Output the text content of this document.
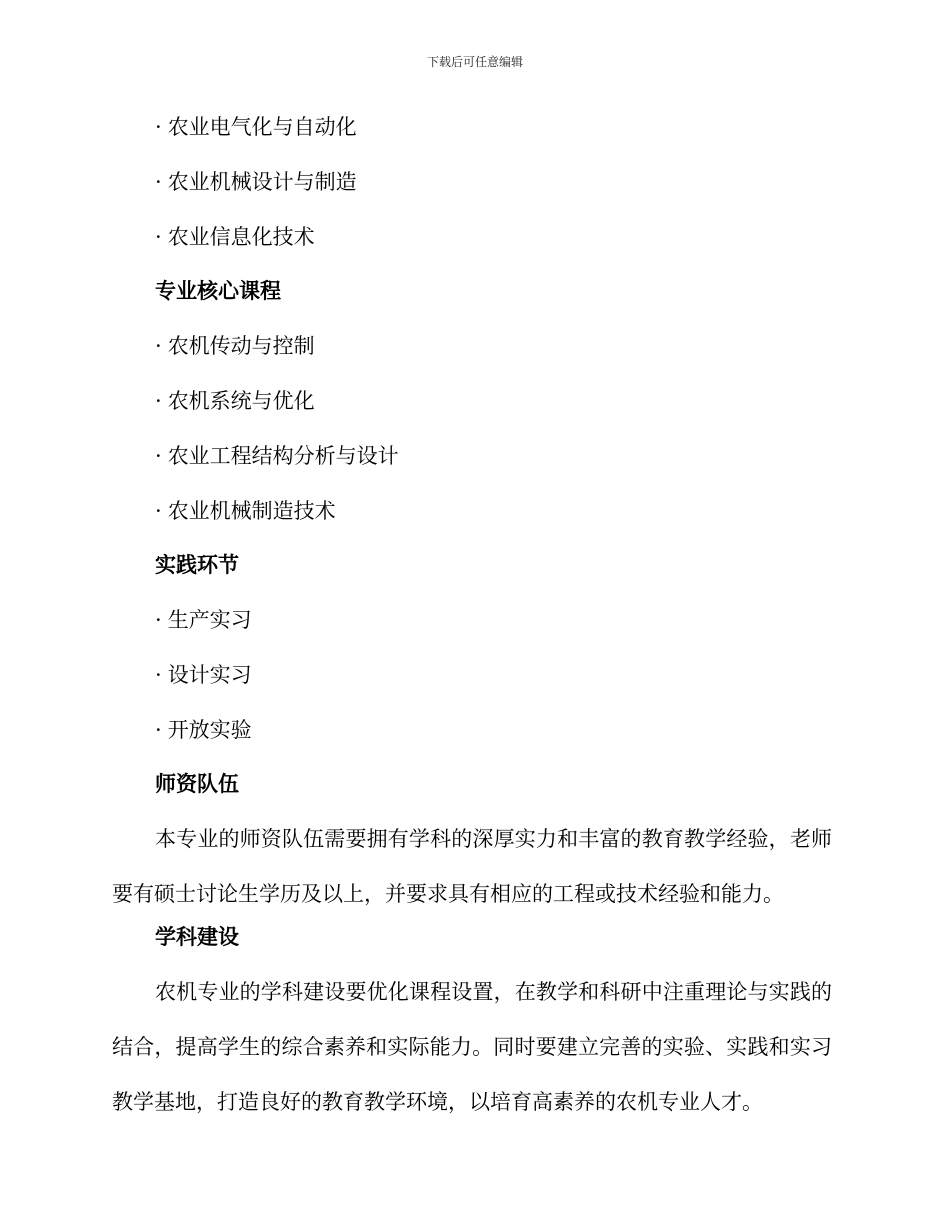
下载后可任意编辑
· 农业电气化与自动化
· 农业机械设计与制造
· 农业信息化技术
专业核心课程
· 农机传动与控制
· 农机系统与优化
· 农业工程结构分析与设计
· 农业机械制造技术
实践环节
· 生产实习
· 设计实习
· 开放实验
师资队伍
本专业的师资队伍需要拥有学科的深厚实力和丰富的教育教学经验，老师要有硕士讨论生学历及以上，并要求具有相应的工程或技术经验和能力。
学科建设
农机专业的学科建设要优化课程设置，在教学和科研中注重理论与实践的结合，提高学生的综合素养和实际能力。同时要建立完善的实验、实践和实习教学基地，打造良好的教育教学环境，以培育高素养的农机专业人才。
